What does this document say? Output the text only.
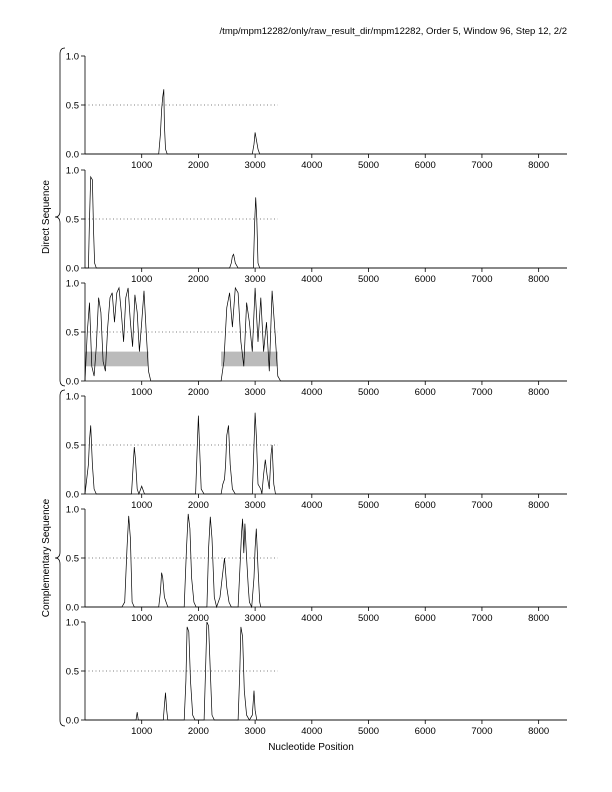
/tmp/mpm12282/only/raw_result_dir/mpm12282, Order 5, Window 96, Step 12, 2/2
0.0
0.5
1.0
1000	2000	3000	4000	5000	6000	7000	8000
0.0
0.5
1.0
1000	2000	3000	4000	5000	6000	7000	8000
0.0
0.5
1.0
1000	2000	3000	4000	5000	6000	7000	8000
0.0
0.5
1.0
1000	2000	3000	4000	5000	6000	7000	8000
0.0
0.5
1.0
1000	2000	3000	4000	5000	6000	7000	8000
0.0
0.5
1.0
1000	2000	3000	4000	5000	6000	7000	8000
Direct Sequence
Complementary Sequence
Nucleotide Position
